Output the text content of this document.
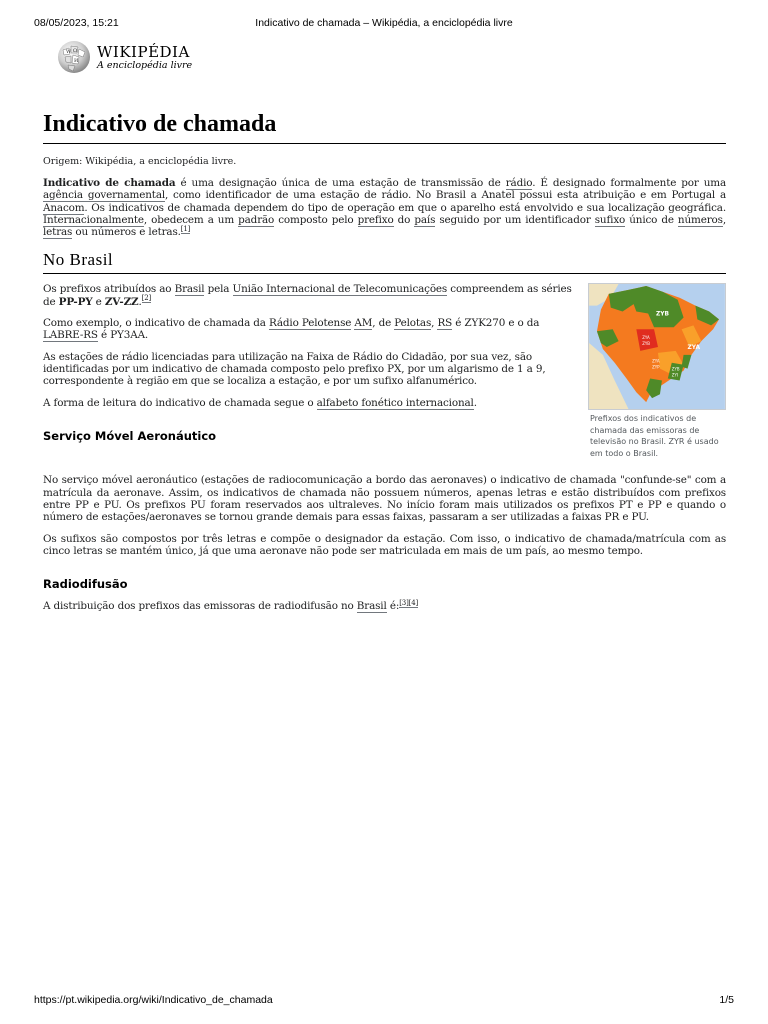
08/05/2023, 15:21	Indicativo de chamada – Wikipédia, a enciclopédia livre
W Ω
И WIKIPÉDIA
A enciclopédia livre
Indicativo de chamada
Origem: Wikipédia, a enciclopédia livre.

Indicativo de chamada é uma designação única de uma estação de transmissão de rádio. É designado formalmente por uma agência governamental, como identificador de uma estação de rádio. No Brasil a Anatel possui esta atribuição e em Portugal a Anacom. Os indicativos de chamada dependem do tipo de operação em que o aparelho está envolvido e sua localização geográfica. Internacionalmente, obedecem a um padrão composto pelo prefixo do país seguido por um identificador sufixo único de números, letras ou números e letras.[1]

No Brasil
ZYB
ZYA
ZYA
ZYB
ZYA
ZYP	ZYB
ZYI
Prefixos dos indicativos de chamada das emissoras de televisão no Brasil. ZYR é usado em todo o Brasil.

Os prefixos atribuídos ao Brasil pela União Internacional de Telecomunicações compreendem as séries de PP-PY e ZV-ZZ.[2]

Como exemplo, o indicativo de chamada da Rádio Pelotense AM, de Pelotas, RS é ZYK270 e o da LABRE-RS é PY3AA.

As estações de rádio licenciadas para utilização na Faixa de Rádio do Cidadão, por sua vez, são identificadas por um indicativo de chamada composto pelo prefixo PX, por um algarismo de 1 a 9, correspondente à região em que se localiza a estação, e por um sufixo alfanumérico.

A forma de leitura do indicativo de chamada segue o alfabeto fonético internacional.

Serviço Móvel Aeronáutico

No serviço móvel aeronáutico (estações de radiocomunicação a bordo das aeronaves) o indicativo de chamada "confunde-se" com a matrícula da aeronave. Assim, os indicativos de chamada não possuem números, apenas letras e estão distribuídos com prefixos entre PP e PU. Os prefixos PU foram reservados aos ultraleves. No início foram mais utilizados os prefixos PT e PP e quando o número de estações/aeronaves se tornou grande demais para essas faixas, passaram a ser utilizadas a faixas PR e PU.

Os sufixos são compostos por três letras e compõe o designador da estação. Com isso, o indicativo de chamada/matrícula com as cinco letras se mantém único, já que uma aeronave não pode ser matriculada em mais de um país, ao mesmo tempo.

Radiodifusão

A distribuição dos prefixos das emissoras de radiodifusão no Brasil é:[3][4]

https://pt.wikipedia.org/wiki/Indicativo_de_chamada	1/5
